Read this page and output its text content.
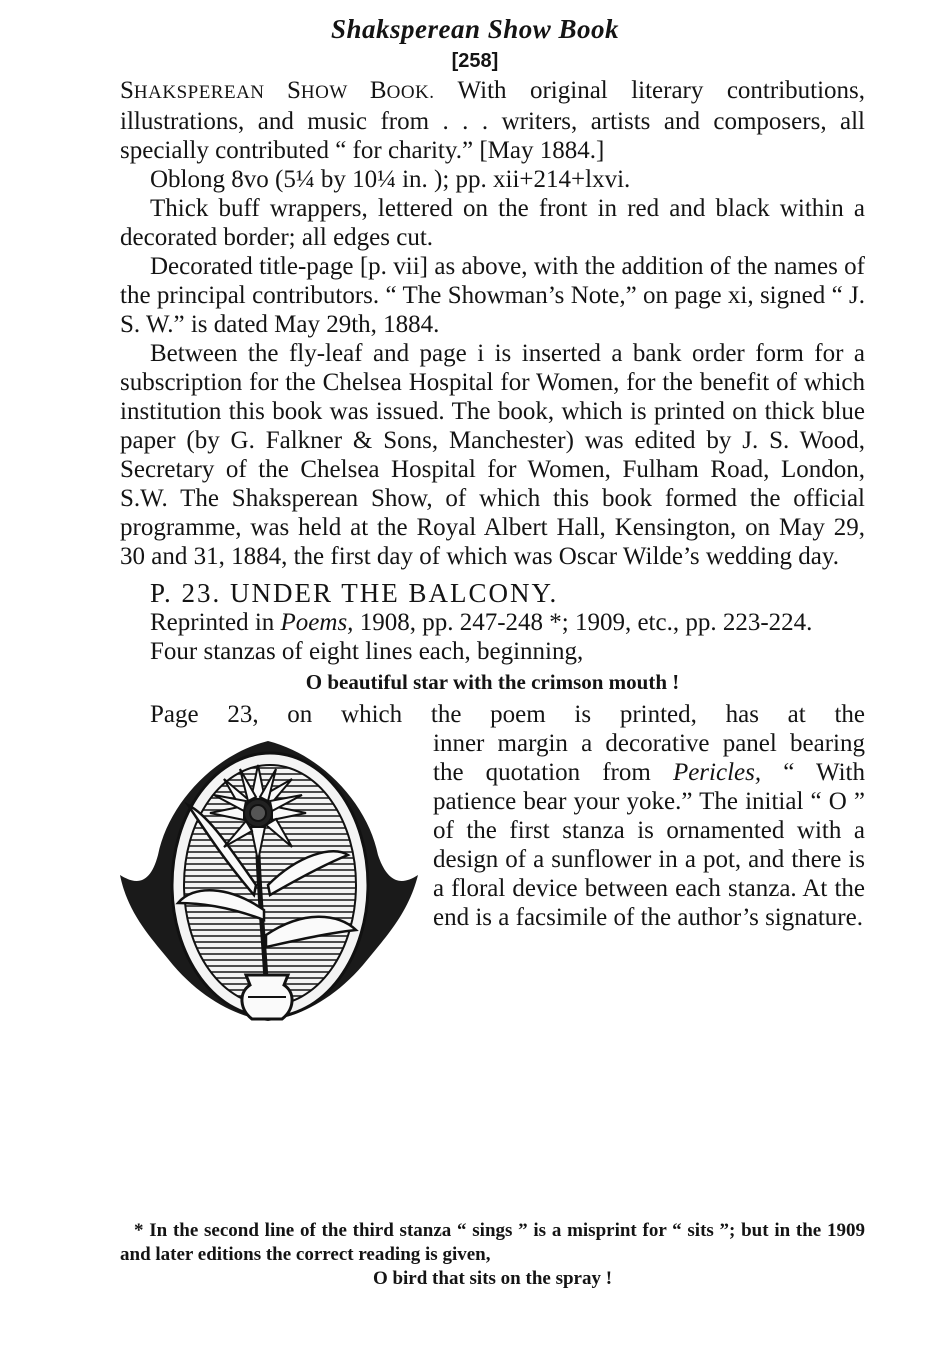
Shaksperean Show Book
[258]

SHAKSPEREAN SHOW BOOK. With original literary contributions, illustrations, and music from . . . writers, artists and composers, all specially contributed “ for charity.” [May 1884.]

Oblong 8vo (5¼ by 10¼ in. ); pp. xii+214+lxvi.

Thick buff wrappers, lettered on the front in red and black within a decorated border; all edges cut.

Decorated title-page [p. vii] as above, with the addition of the names of the principal contributors. “ The Showman’s Note,” on page xi, signed “ J. S. W.” is dated May 29th, 1884.

Between the fly-leaf and page i is inserted a bank order form for a subscription for the Chelsea Hospital for Women, for the benefit of which institution this book was issued. The book, which is printed on thick blue paper (by G. Falkner & Sons, Manchester) was edited by J. S. Wood, Secretary of the Chelsea Hospital for Women, Fulham Road, London, S.W. The Shaksperean Show, of which this book formed the official programme, was held at the Royal Albert Hall, Kensington, on May 29, 30 and 31, 1884, the first day of which was Oscar Wilde’s wedding day.

P. 23. UNDER THE BALCONY.

Reprinted in Poems, 1908, pp. 247-248 *; 1909, etc., pp. 223-224.

Four stanzas of eight lines each, beginning,

O beautiful star with the crimson mouth !

Page 23, on which the poem is printed, has at the
inner margin a decorative panel bearing the quotation from Pericles, “ With patience bear your yoke.” The initial “ O ” of the first stanza is ornamented with a design of a sunflower in a pot, and there is a floral device between each stanza. At the end is a facsimile of the author’s signature.

* In the second line of the third stanza “ sings ” is a misprint for “ sits ”; but in the 1909 and later editions the correct reading is given,
O bird that sits on the spray !
